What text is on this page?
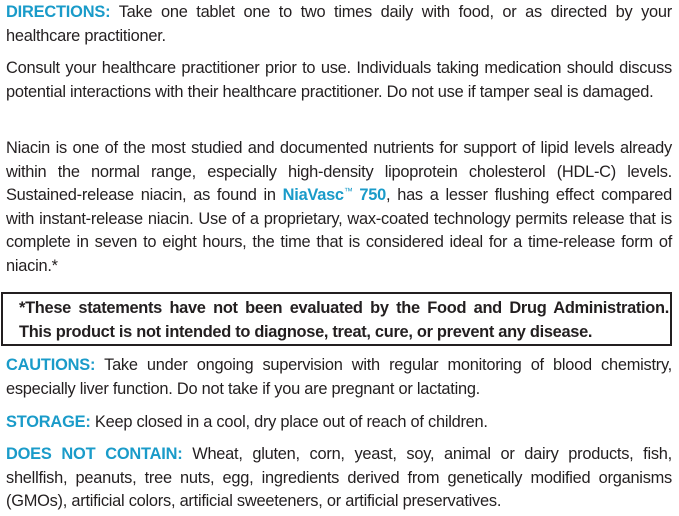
DIRECTIONS: Take one tablet one to two times daily with food, or as directed by your healthcare practitioner.

Consult your healthcare practitioner prior to use. Individuals taking medication should discuss potential interactions with their healthcare practitioner. Do not use if tamper seal is damaged.

Niacin is one of the most studied and documented nutrients for support of lipid levels already within the normal range, especially high-density lipoprotein cholesterol (HDL-C) levels. Sustained-release niacin, as found in NiaVasc™ 750, has a lesser flushing effect compared with instant-release niacin. Use of a proprietary, wax-coated technology permits release that is complete in seven to eight hours, the time that is considered ideal for a time-release form of niacin.*

*These statements have not been evaluated by the Food and Drug Administration.
This product is not intended to diagnose, treat, cure, or prevent any disease.

CAUTIONS: Take under ongoing supervision with regular monitoring of blood chemistry, especially liver function. Do not take if you are pregnant or lactating.

STORAGE: Keep closed in a cool, dry place out of reach of children.

DOES NOT CONTAIN: Wheat, gluten, corn, yeast, soy, animal or dairy products, fish, shellfish, peanuts, tree nuts, egg, ingredients derived from genetically modified organisms (GMOs), artificial colors, artificial sweeteners, or artificial preservatives.
